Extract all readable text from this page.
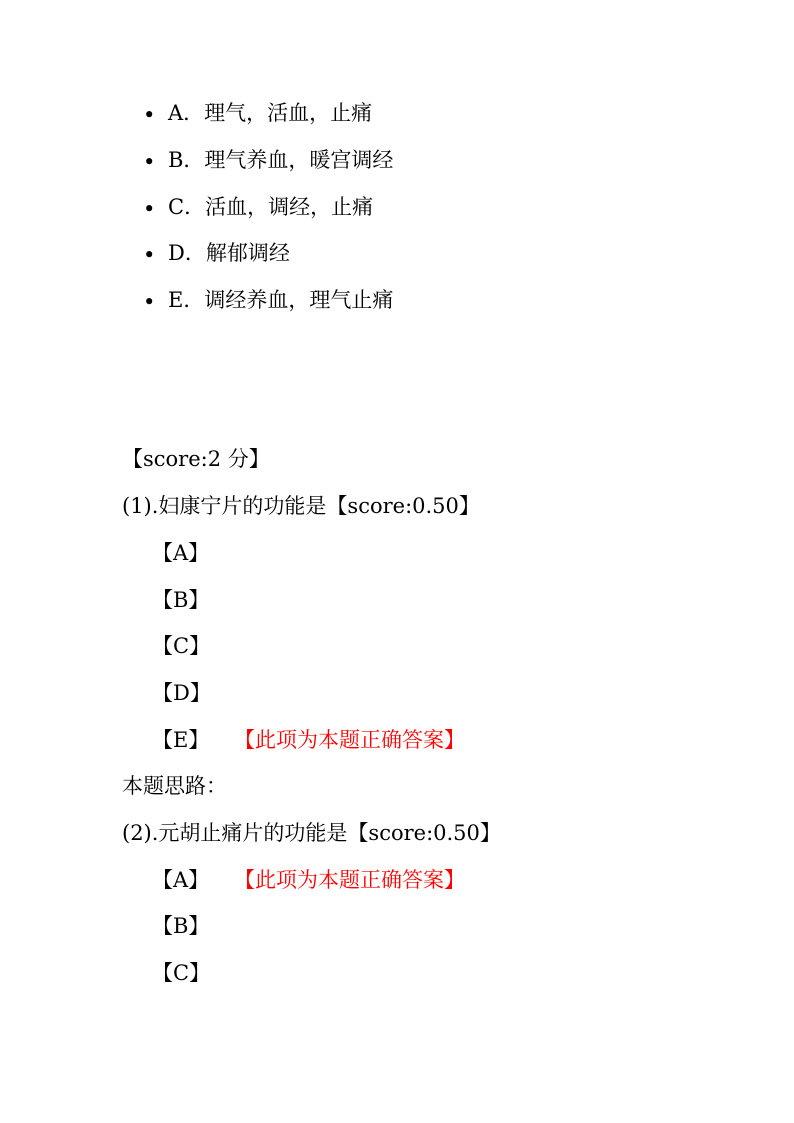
• A．理气，活血，止痛
• B．理气养血，暖宫调经
• C．活血，调经，止痛
• D．解郁调经
• E．调经养血，理气止痛
【score:2 分】
(1).妇康宁片的功能是【score:0.50】
【A】
【B】
【C】
【D】
【E】 【此项为本题正确答案】
本题思路：
(2).元胡止痛片的功能是【score:0.50】
【A】 【此项为本题正确答案】
【B】
【C】
